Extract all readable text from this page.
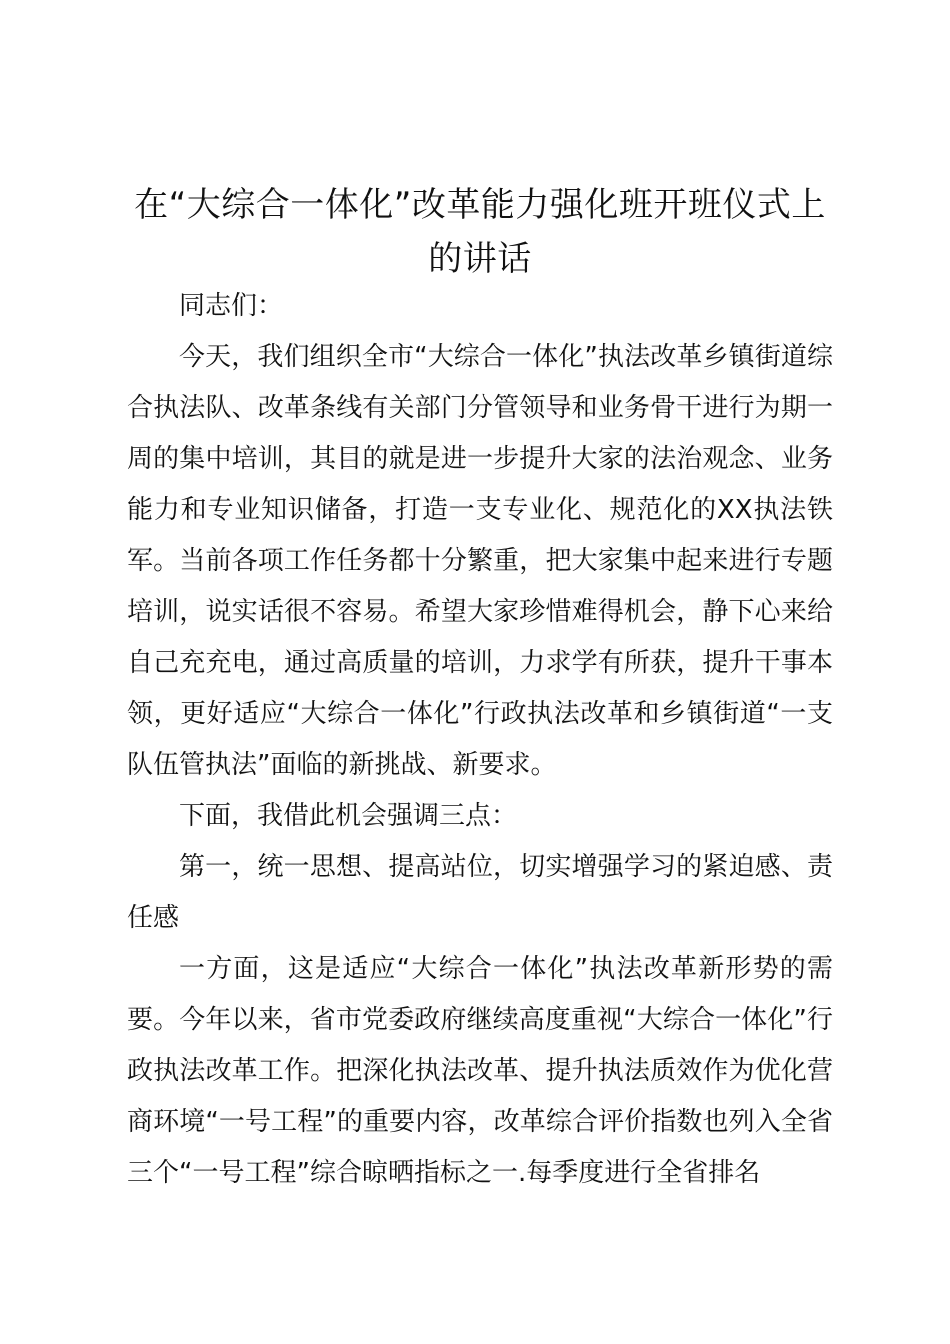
在“大综合一体化”改革能力强化班开班仪式上的讲话

同志们：

今天，我们组织全市“大综合一体化”执法改革乡镇街道综合执法队、改革条线有关部门分管领导和业务骨干进行为期一周的集中培训，其目的就是进一步提升大家的法治观念、业务能力和专业知识储备，打造一支专业化、规范化的XX执法铁军。当前各项工作任务都十分繁重，把大家集中起来进行专题培训，说实话很不容易。希望大家珍惜难得机会，静下心来给自己充充电，通过高质量的培训，力求学有所获，提升干事本领，更好适应“大综合一体化”行政执法改革和乡镇街道“一支队伍管执法”面临的新挑战、新要求。

下面，我借此机会强调三点：

第一，统一思想、提高站位，切实增强学习的紧迫感、责任感

一方面，这是适应“大综合一体化”执法改革新形势的需要。今年以来，省市党委政府继续高度重视“大综合一体化”行政执法改革工作。把深化执法改革、提升执法质效作为优化营商环境“一号工程”的重要内容，改革综合评价指数也列入全省三个“一号工程”综合晾晒指标之一.每季度进行全省排名
